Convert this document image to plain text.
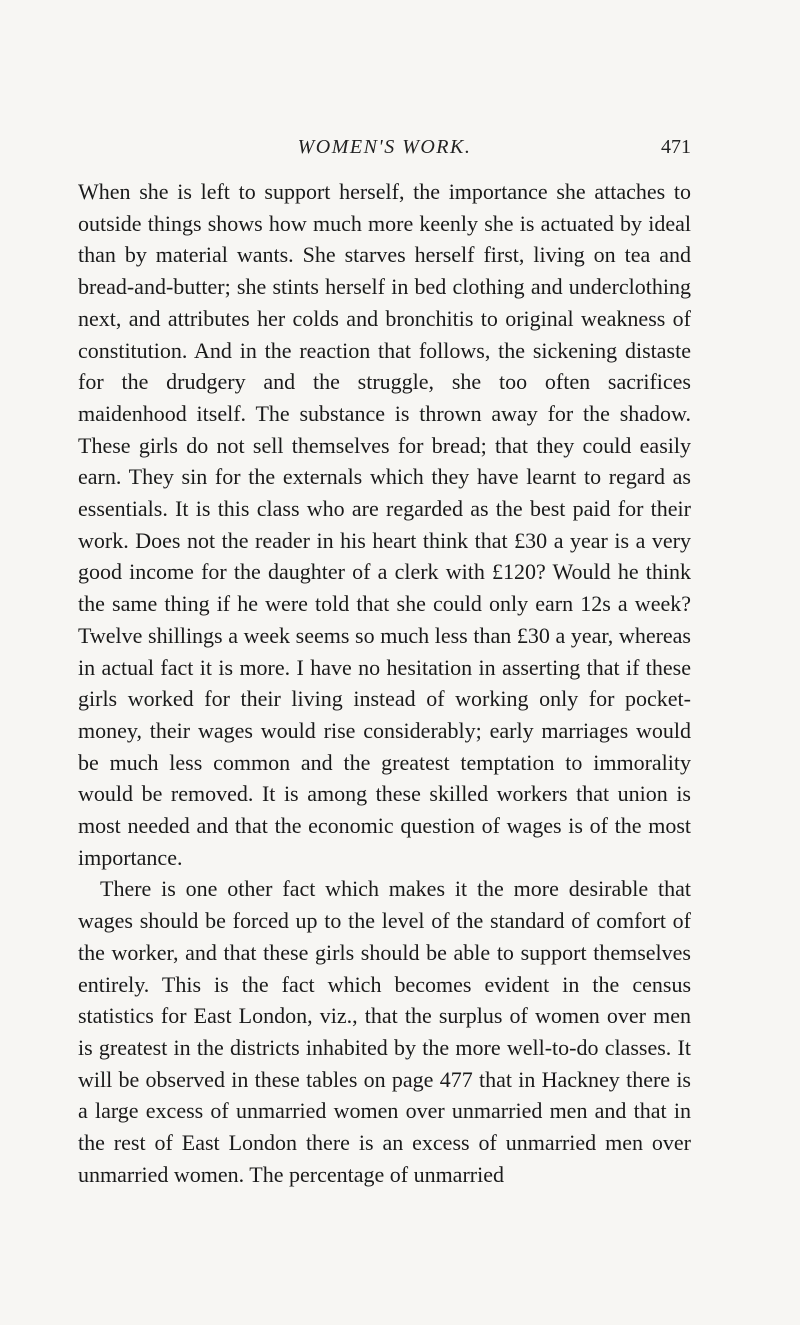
WOMEN'S WORK.	471

When she is left to support herself, the importance she attaches to outside things shows how much more keenly she is actuated by ideal than by material wants. She starves herself first, living on tea and bread-and-butter; she stints herself in bed clothing and underclothing next, and attributes her colds and bronchitis to original weakness of constitution. And in the reaction that follows, the sickening distaste for the drudgery and the struggle, she too often sacrifices maidenhood itself. The substance is thrown away for the shadow. These girls do not sell themselves for bread; that they could easily earn. They sin for the externals which they have learnt to regard as essentials. It is this class who are regarded as the best paid for their work. Does not the reader in his heart think that £30 a year is a very good income for the daughter of a clerk with £120? Would he think the same thing if he were told that she could only earn 12s a week? Twelve shillings a week seems so much less than £30 a year, whereas in actual fact it is more. I have no hesitation in asserting that if these girls worked for their living instead of working only for pocket-money, their wages would rise considerably; early marriages would be much less common and the greatest temptation to immorality would be removed. It is among these skilled workers that union is most needed and that the economic question of wages is of the most importance.

There is one other fact which makes it the more desirable that wages should be forced up to the level of the standard of comfort of the worker, and that these girls should be able to support themselves entirely. This is the fact which becomes evident in the census statistics for East London, viz., that the surplus of women over men is greatest in the districts inhabited by the more well-to-do classes. It will be observed in these tables on page 477 that in Hackney there is a large excess of unmarried women over unmarried men and that in the rest of East London there is an excess of unmarried men over unmarried women. The percentage of unmarried
